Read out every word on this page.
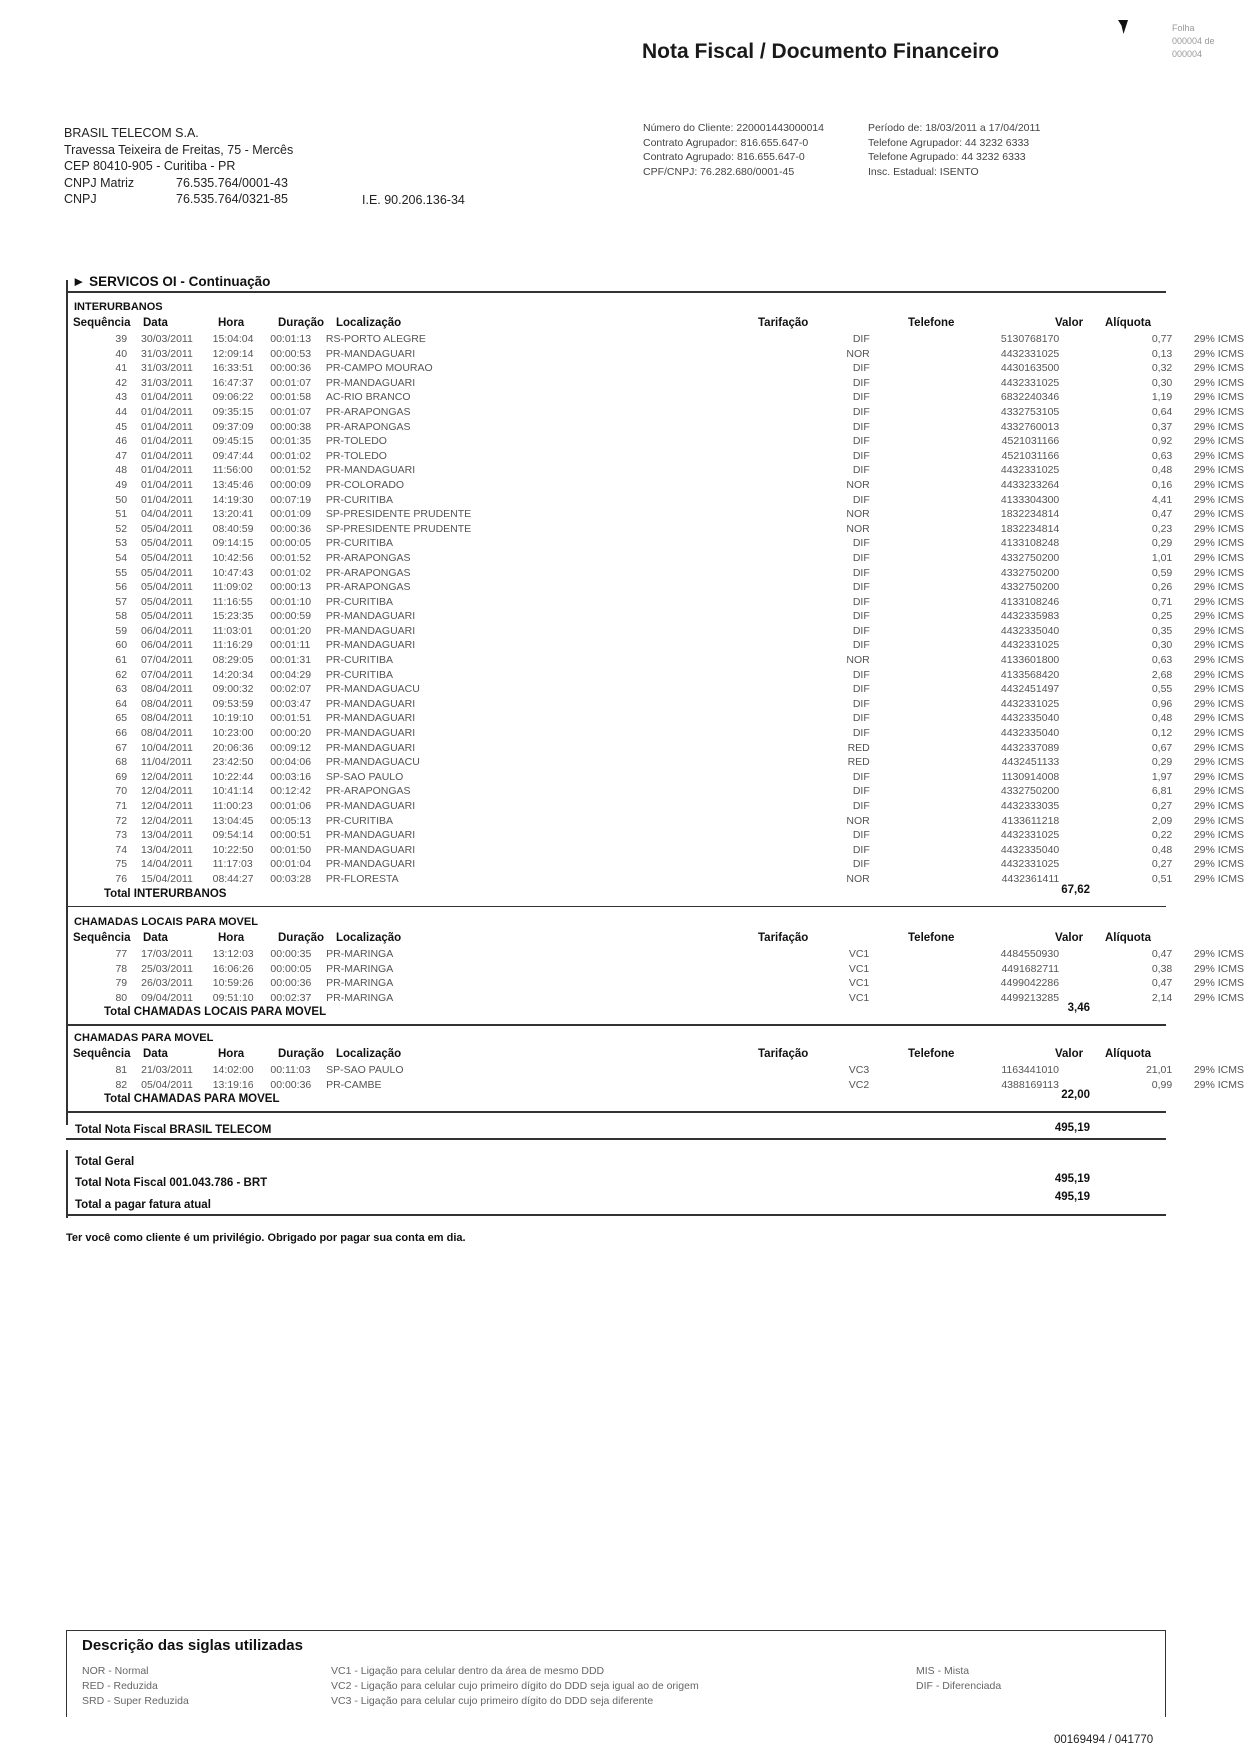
Folha
000004 de
000004
Nota Fiscal / Documento Financeiro
BRASIL TELECOM S.A.
Travessa Teixeira de Freitas, 75 - Mercês
CEP 80410-905 - Curitiba - PR
CNPJ Matriz	76.535.764/0001-43
CNPJ	76.535.764/0321-85	I.E. 90.206.136-34
Número do Cliente: 220001443000014
Contrato Agrupador: 816.655.647-0
Contrato Agrupado: 816.655.647-0
CPF/CNPJ: 76.282.680/0001-45
Período de: 18/03/2011 a 17/04/2011
Telefone Agrupador: 44 3232 6333
Telefone Agrupado: 44 3232 6333
Insc. Estadual: ISENTO
► SERVICOS OI - Continuação
INTERURBANOS
Sequência Data	Hora	Duração Localização	Tarifação	Telefone	Valor Alíquota
39	30/03/2011	15:04:04	00:01:13	RS-PORTO ALEGRE	DIF	5130768170	0,77	29% ICMS
40	31/03/2011	12:09:14	00:00:53	PR-MANDAGUARI	NOR	4432331025	0,13	29% ICMS
41	31/03/2011	16:33:51	00:00:36	PR-CAMPO MOURAO	DIF	4430163500	0,32	29% ICMS
42	31/03/2011	16:47:37	00:01:07	PR-MANDAGUARI	DIF	4432331025	0,30	29% ICMS
43	01/04/2011	09:06:22	00:01:58	AC-RIO BRANCO	DIF	6832240346	1,19	29% ICMS
44	01/04/2011	09:35:15	00:01:07	PR-ARAPONGAS	DIF	4332753105	0,64	29% ICMS
45	01/04/2011	09:37:09	00:00:38	PR-ARAPONGAS	DIF	4332760013	0,37	29% ICMS
46	01/04/2011	09:45:15	00:01:35	PR-TOLEDO	DIF	4521031166	0,92	29% ICMS
47	01/04/2011	09:47:44	00:01:02	PR-TOLEDO	DIF	4521031166	0,63	29% ICMS
48	01/04/2011	11:56:00	00:01:52	PR-MANDAGUARI	DIF	4432331025	0,48	29% ICMS
49	01/04/2011	13:45:46	00:00:09	PR-COLORADO	NOR	4433233264	0,16	29% ICMS
50	01/04/2011	14:19:30	00:07:19	PR-CURITIBA	DIF	4133304300	4,41	29% ICMS
51	04/04/2011	13:20:41	00:01:09	SP-PRESIDENTE PRUDENTE	NOR	1832234814	0,47	29% ICMS
52	05/04/2011	08:40:59	00:00:36	SP-PRESIDENTE PRUDENTE	NOR	1832234814	0,23	29% ICMS
53	05/04/2011	09:14:15	00:00:05	PR-CURITIBA	DIF	4133108248	0,29	29% ICMS
54	05/04/2011	10:42:56	00:01:52	PR-ARAPONGAS	DIF	4332750200	1,01	29% ICMS
55	05/04/2011	10:47:43	00:01:02	PR-ARAPONGAS	DIF	4332750200	0,59	29% ICMS
56	05/04/2011	11:09:02	00:00:13	PR-ARAPONGAS	DIF	4332750200	0,26	29% ICMS
57	05/04/2011	11:16:55	00:01:10	PR-CURITIBA	DIF	4133108246	0,71	29% ICMS
58	05/04/2011	15:23:35	00:00:59	PR-MANDAGUARI	DIF	4432335983	0,25	29% ICMS
59	06/04/2011	11:03:01	00:01:20	PR-MANDAGUARI	DIF	4432335040	0,35	29% ICMS
60	06/04/2011	11:16:29	00:01:11	PR-MANDAGUARI	DIF	4432331025	0,30	29% ICMS
61	07/04/2011	08:29:05	00:01:31	PR-CURITIBA	NOR	4133601800	0,63	29% ICMS
62	07/04/2011	14:20:34	00:04:29	PR-CURITIBA	DIF	4133568420	2,68	29% ICMS
63	08/04/2011	09:00:32	00:02:07	PR-MANDAGUACU	DIF	4432451497	0,55	29% ICMS
64	08/04/2011	09:53:59	00:03:47	PR-MANDAGUARI	DIF	4432331025	0,96	29% ICMS
65	08/04/2011	10:19:10	00:01:51	PR-MANDAGUARI	DIF	4432335040	0,48	29% ICMS
66	08/04/2011	10:23:00	00:00:20	PR-MANDAGUARI	DIF	4432335040	0,12	29% ICMS
67	10/04/2011	20:06:36	00:09:12	PR-MANDAGUARI	RED	4432337089	0,67	29% ICMS
68	11/04/2011	23:42:50	00:04:06	PR-MANDAGUACU	RED	4432451133	0,29	29% ICMS
69	12/04/2011	10:22:44	00:03:16	SP-SAO PAULO	DIF	1130914008	1,97	29% ICMS
70	12/04/2011	10:41:14	00:12:42	PR-ARAPONGAS	DIF	4332750200	6,81	29% ICMS
71	12/04/2011	11:00:23	00:01:06	PR-MANDAGUARI	DIF	4432333035	0,27	29% ICMS
72	12/04/2011	13:04:45	00:05:13	PR-CURITIBA	NOR	4133611218	2,09	29% ICMS
73	13/04/2011	09:54:14	00:00:51	PR-MANDAGUARI	DIF	4432331025	0,22	29% ICMS
74	13/04/2011	10:22:50	00:01:50	PR-MANDAGUARI	DIF	4432335040	0,48	29% ICMS
75	14/04/2011	11:17:03	00:01:04	PR-MANDAGUARI	DIF	4432331025	0,27	29% ICMS
76	15/04/2011	08:44:27	00:03:28	PR-FLORESTA	NOR	4432361411	0,51	29% ICMS
Total INTERURBANOS	67,62
CHAMADAS LOCAIS PARA MOVEL
Sequência Data	Hora	Duração Localização	Tarifação	Telefone	Valor Alíquota
77	17/03/2011	13:12:03	00:00:35	PR-MARINGA	VC1	4484550930	0,47	29% ICMS
78	25/03/2011	16:06:26	00:00:05	PR-MARINGA	VC1	4491682711	0,38	29% ICMS
79	26/03/2011	10:59:26	00:00:36	PR-MARINGA	VC1	4499042286	0,47	29% ICMS
80	09/04/2011	09:51:10	00:02:37	PR-MARINGA	VC1	4499213285	2,14	29% ICMS
Total CHAMADAS LOCAIS PARA MOVEL	3,46
CHAMADAS PARA MOVEL
Sequência Data	Hora	Duração Localização	Tarifação	Telefone	Valor Alíquota
81	21/03/2011	14:02:00	00:11:03	SP-SAO PAULO	VC3	1163441010	21,01	29% ICMS
82	05/04/2011	13:19:16	00:00:36	PR-CAMBE	VC2	4388169113	0,99	29% ICMS
Total CHAMADAS PARA MOVEL	22,00
Total Nota Fiscal BRASIL TELECOM	495,19
Total Geral
Total Nota Fiscal 001.043.786 - BRT	495,19
Total a pagar fatura atual
495,19
Ter você como cliente é um privilégio. Obrigado por pagar sua conta em dia.
Descrição das siglas utilizadas
NOR - Normal
RED - Reduzida
SRD - Super Reduzida
VC1 - Ligação para celular dentro da área de mesmo DDD
VC2 - Ligação para celular cujo primeiro dígito do DDD seja igual ao de origem
VC3 - Ligação para celular cujo primeiro dígito do DDD seja diferente
MIS - Mista
DIF - Diferenciada
00169494 / 041770
